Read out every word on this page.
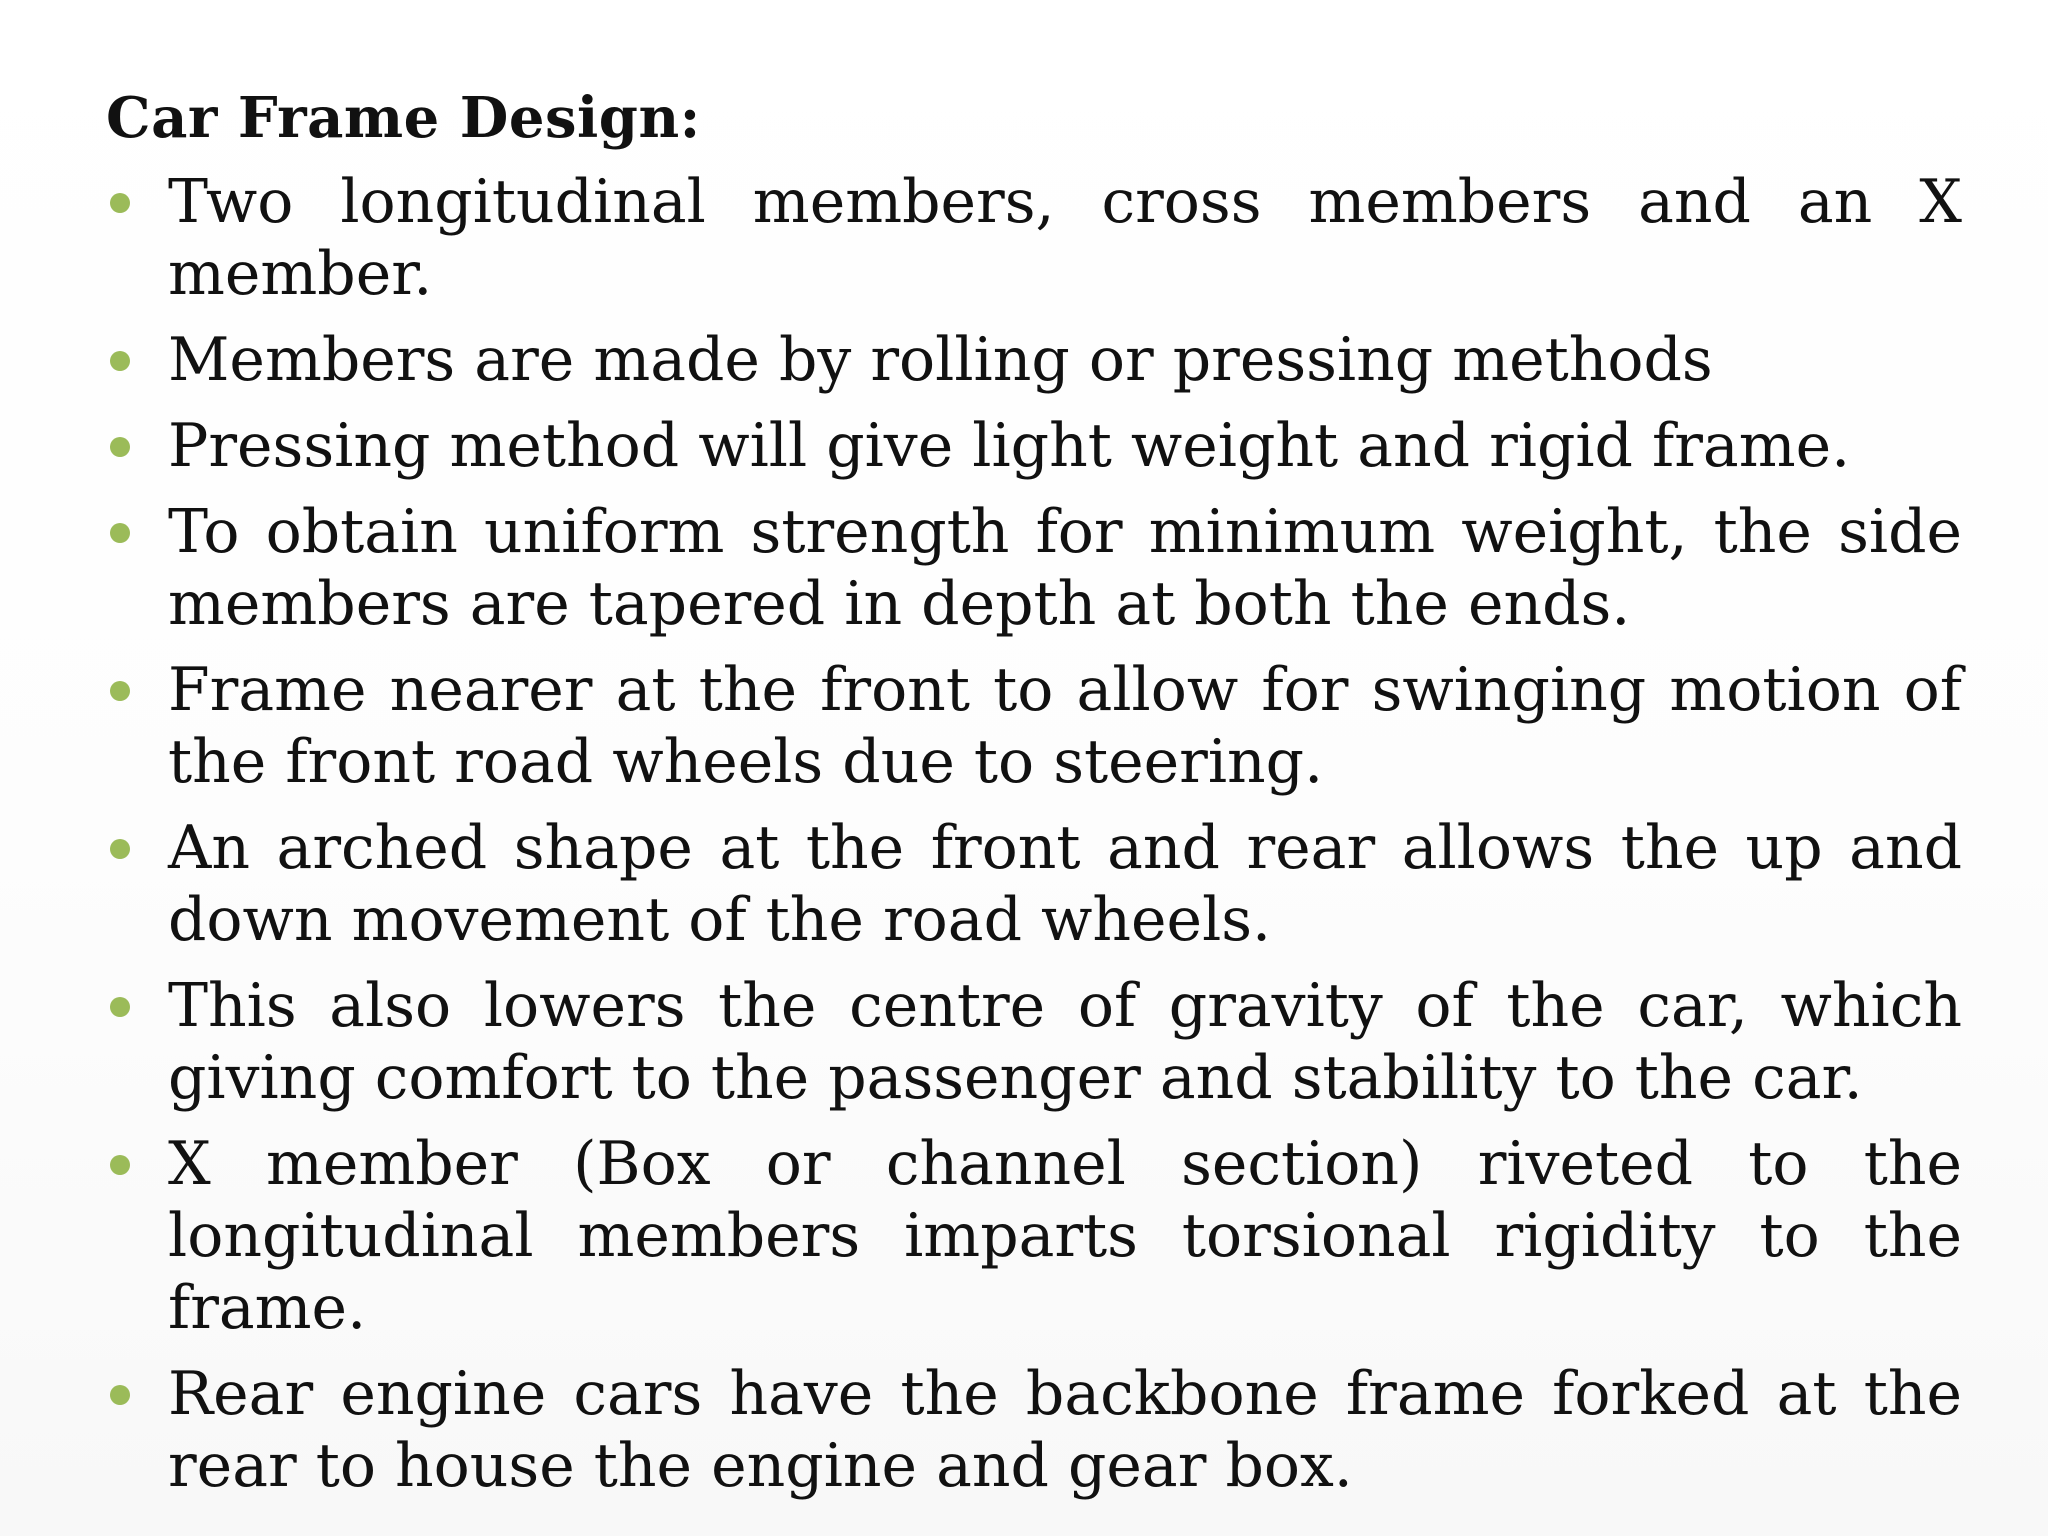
Car Frame Design:
Two longitudinal members, cross members and an X member.
Members are made by rolling or pressing methods
Pressing method will give light weight and rigid frame.
To obtain uniform strength for minimum weight, the side members are tapered in depth at both the ends.
Frame nearer at the front to allow for swinging motion of the front road wheels due to steering.
An arched shape at the front and rear allows the up and down movement of the road wheels.
This also lowers the centre of gravity of the car, which giving comfort to the passenger and stability to the car.
X member (Box or channel section) riveted to the longitudinal members imparts torsional rigidity to the frame.
Rear engine cars have the backbone frame forked at the rear to house the engine and gear box.
